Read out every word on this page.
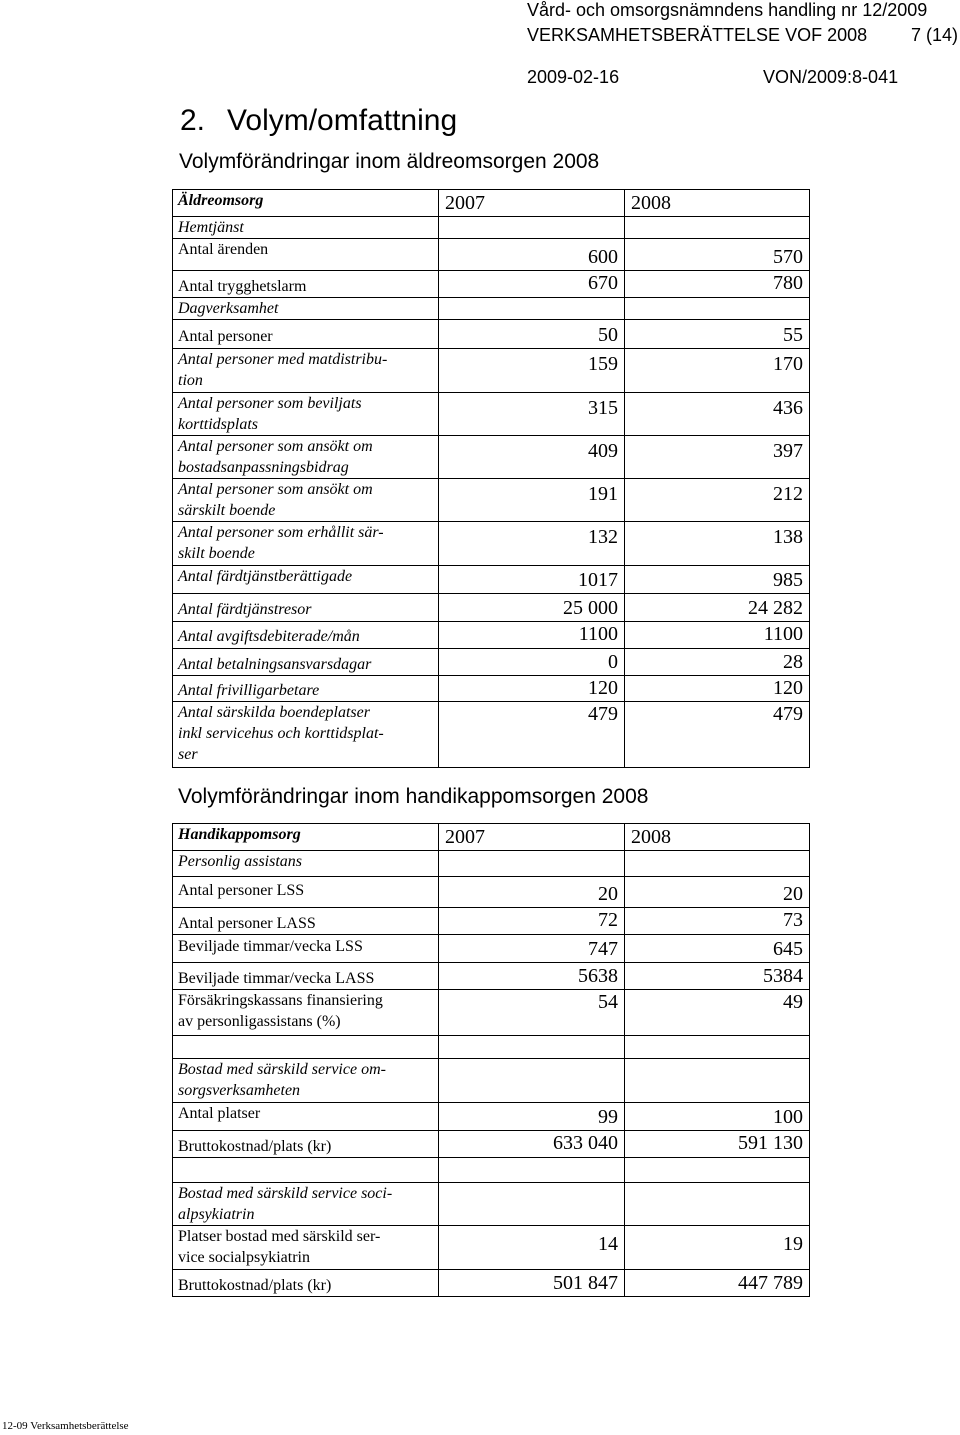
Vård- och omsorgsnämndens handling nr 12/2009
VERKSAMHETSBERÄTTELSE VOF 2008 7 (14)
2009-02-16	VON/2009:8-041
2. Volym/omfattning
Volymförändringar inom äldreomsorgen 2008
Äldreomsorg	2007	2008
Hemtjänst		
Antal ärenden	600	570
Antal trygghetslarm	670	780
Dagverksamhet		
Antal personer	50	55
Antal personer med matdistribu-
tion	159	170
Antal personer som beviljats
korttidsplats	315	436
Antal personer som ansökt om
bostadsanpassningsbidrag	409	397
Antal personer som ansökt om
särskilt boende	191	212
Antal personer som erhållit sär-
skilt boende	132	138
Antal färdtjänstberättigade	1017	985
Antal färdtjänstresor	25 000	24 282
Antal avgiftsdebiterade/mån	1100	1100
Antal betalningsansvarsdagar	0	28
Antal frivilligarbetare	120	120
Antal särskilda boendeplatser
inkl servicehus och korttidsplat-
ser	479	479
Volymförändringar inom handikappomsorgen 2008
Handikappomsorg	2007	2008
Personlig assistans		
Antal personer LSS	20	20
Antal personer LASS	72	73
Beviljade timmar/vecka LSS	747	645
Beviljade timmar/vecka LASS	5638	5384
Försäkringskassans finansiering
av personligassistans (%)	54	49

Bostad med särskild service om-
sorgsverksamheten		
Antal platser	99	100
Bruttokostnad/plats (kr)	633 040	591 130

Bostad med särskild service soci-
alpsykiatrin		
Platser bostad med särskild ser-
vice socialpsykiatrin	14	19
Bruttokostnad/plats (kr)	501 847	447 789
12-09 Verksamhetsberättelse
